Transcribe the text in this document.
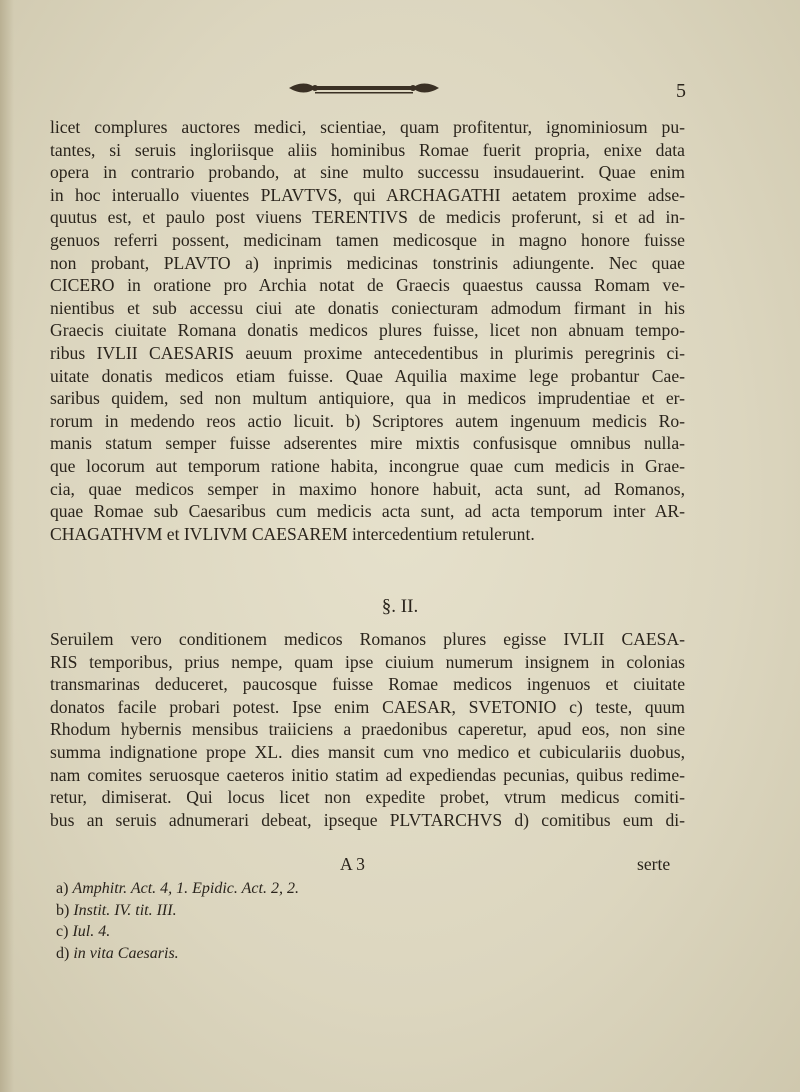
5
licet complures auctores medici, scientiae, quam profitentur, ignominiosum pu-
tantes, si seruis ingloriisque aliis hominibus Romae fuerit propria, enixe data
opera in contrario probando, at sine multo successu insudauerint. Quae enim
in hoc interuallo viuentes PLAVTVS, qui ARCHAGATHI aetatem proxime adse-
quutus est, et paulo post viuens TERENTIVS de medicis proferunt, si et ad in-
genuos referri possent, medicinam tamen medicosque in magno honore fuisse
non probant, PLAVTO a) inprimis medicinas tonstrinis adiungente. Nec quae
CICERO in oratione pro Archia notat de Graecis quaestus caussa Romam ve-
nientibus et sub accessu ciui ate donatis coniecturam admodum firmant in his
Graecis ciuitate Romana donatis medicos plures fuisse, licet non abnuam tempo-
ribus IVLII CAESARIS aeuum proxime antecedentibus in plurimis peregrinis ci-
uitate donatis medicos etiam fuisse. Quae Aquilia maxime lege probantur Cae-
saribus quidem, sed non multum antiquiore, qua in medicos imprudentiae et er-
rorum in medendo reos actio licuit. b) Scriptores autem ingenuum medicis Ro-
manis statum semper fuisse adserentes mire mixtis confusisque omnibus nulla-
que locorum aut temporum ratione habita, incongrue quae cum medicis in Grae-
cia, quae medicos semper in maximo honore habuit, acta sunt, ad Romanos,
quae Romae sub Caesaribus cum medicis acta sunt, ad acta temporum inter AR-
CHAGATHVM et IVLIVM CAESAREM intercedentium retulerunt.
§. II.
Seruilem vero conditionem medicos Romanos plures egisse IVLII CAESA-
RIS temporibus, prius nempe, quam ipse ciuium numerum insignem in colonias
transmarinas deduceret, paucosque fuisse Romae medicos ingenuos et ciuitate
donatos facile probari potest. Ipse enim CAESAR, SVETONIO c) teste, quum
Rhodum hybernis mensibus traiiciens a praedonibus caperetur, apud eos, non sine
summa indignatione prope XL. dies mansit cum vno medico et cubiculariis duobus,
nam comites seruosque caeteros initio statim ad expediendas pecunias, quibus redime-
retur, dimiserat. Qui locus licet non expedite probet, vtrum medicus comiti-
bus an seruis adnumerari debeat, ipseque PLVTARCHVS d) comitibus eum di-
A 3	serte
a) Amphitr. Act. 4, 1. Epidic. Act. 2, 2.
b) Instit. IV. tit. III.
c) Iul. 4.
d) in vita Caesaris.
